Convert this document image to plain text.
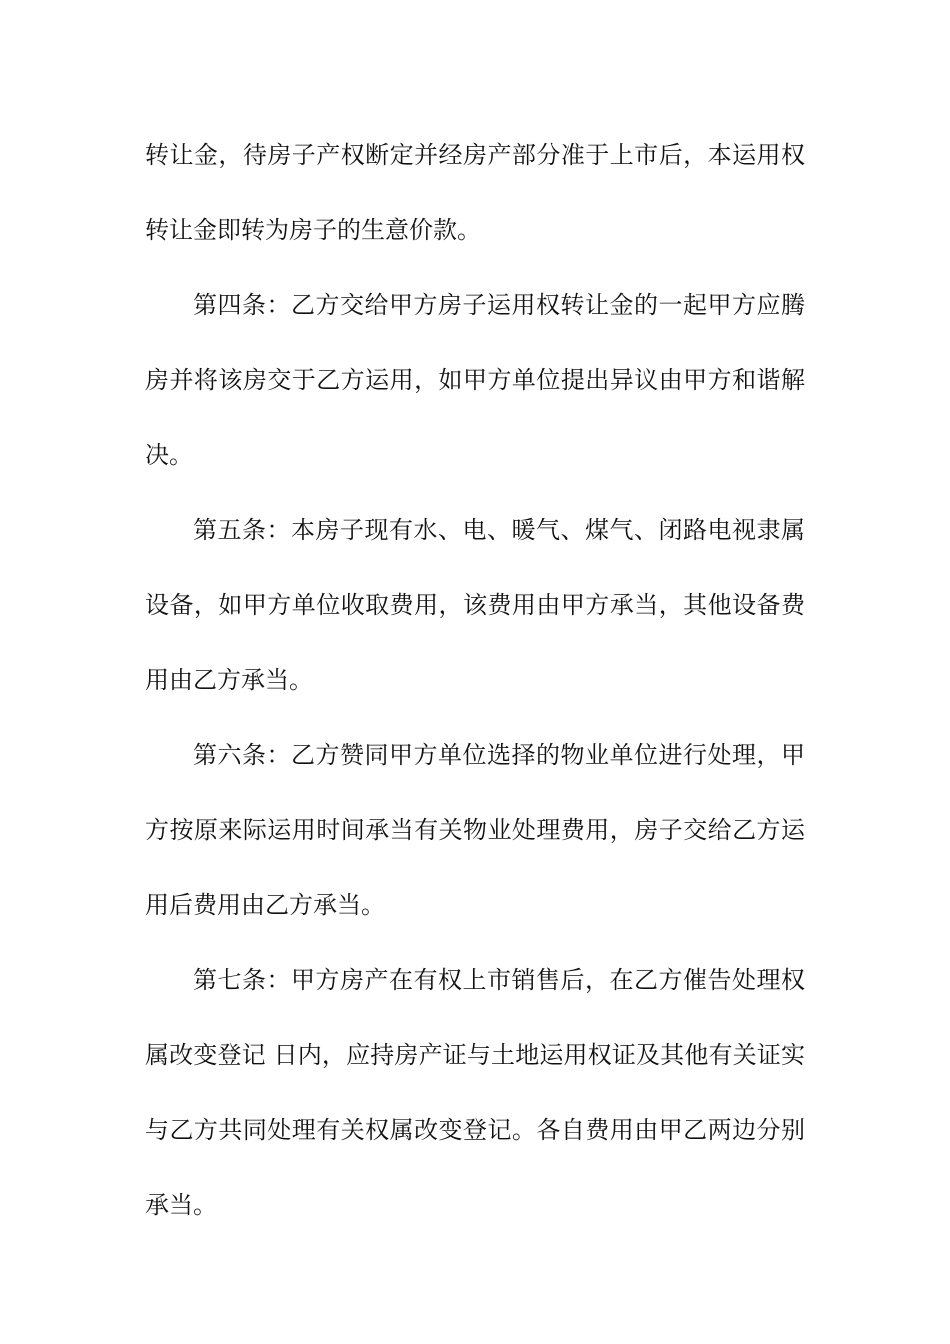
转让金，待房子产权断定并经房产部分准于上市后，本运用权
转让金即转为房子的生意价款。
第四条：乙方交给甲方房子运用权转让金的一起甲方应腾
房并将该房交于乙方运用，如甲方单位提出异议由甲方和谐解
决。
第五条：本房子现有水、电、暖气、煤气、闭路电视隶属
设备，如甲方单位收取费用，该费用由甲方承当，其他设备费
用由乙方承当。
第六条：乙方赞同甲方单位选择的物业单位进行处理，甲
方按原来际运用时间承当有关物业处理费用，房子交给乙方运
用后费用由乙方承当。
第七条：甲方房产在有权上市销售后，在乙方催告处理权
属改变登记 日内，应持房产证与土地运用权证及其他有关证实
与乙方共同处理有关权属改变登记。各自费用由甲乙两边分别
承当。
